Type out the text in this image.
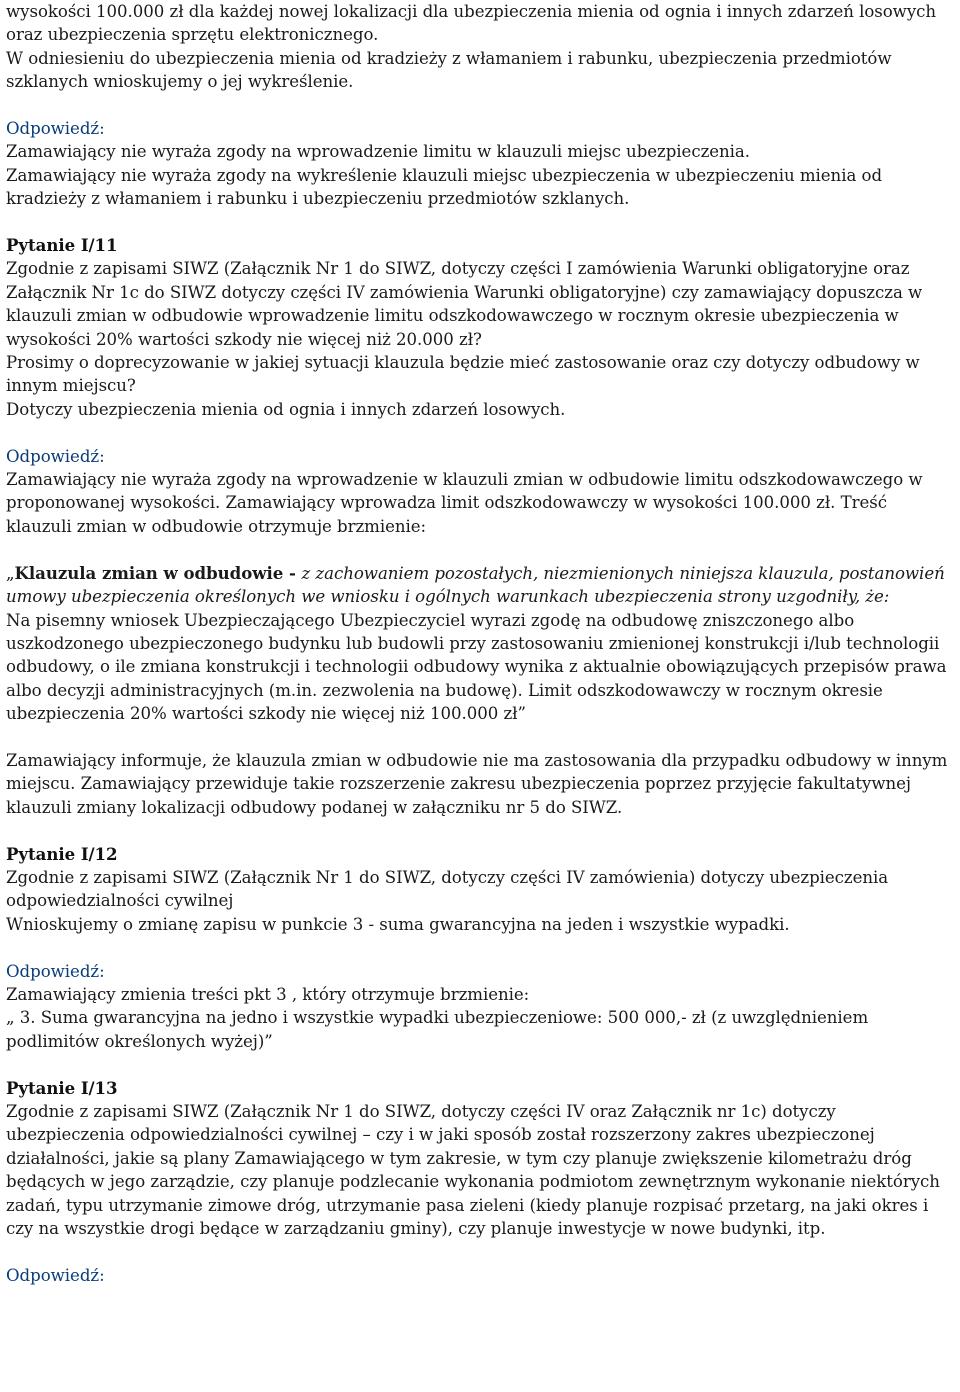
wysokości 100.000 zł dla każdej nowej lokalizacji dla ubezpieczenia mienia od ognia i innych zdarzeń losowych oraz ubezpieczenia sprzętu elektronicznego.

W odniesieniu do ubezpieczenia mienia od kradzieży z włamaniem i rabunku, ubezpieczenia przedmiotów szklanych wnioskujemy o jej wykreślenie.

Odpowiedź:

Zamawiający nie wyraża zgody na wprowadzenie limitu w klauzuli miejsc ubezpieczenia.

Zamawiający nie wyraża zgody na wykreślenie klauzuli miejsc ubezpieczenia w ubezpieczeniu mienia od kradzieży z włamaniem i rabunku i ubezpieczeniu przedmiotów szklanych.

Pytanie I/11

Zgodnie z zapisami SIWZ (Załącznik Nr 1 do SIWZ, dotyczy części I zamówienia Warunki obligatoryjne oraz Załącznik Nr 1c do SIWZ dotyczy części IV zamówienia Warunki obligatoryjne) czy zamawiający dopuszcza w klauzuli zmian w odbudowie wprowadzenie limitu odszkodowawczego w rocznym okresie ubezpieczenia w wysokości 20% wartości szkody nie więcej niż 20.000 zł?

Prosimy o doprecyzowanie w jakiej sytuacji klauzula będzie mieć zastosowanie oraz czy dotyczy odbudowy w innym miejscu?

Dotyczy ubezpieczenia mienia od ognia i innych zdarzeń losowych.

Odpowiedź:

Zamawiający nie wyraża zgody na wprowadzenie w klauzuli zmian w odbudowie limitu odszkodowawczego w proponowanej wysokości. Zamawiający wprowadza limit odszkodowawczy w wysokości 100.000 zł. Treść klauzuli zmian w odbudowie otrzymuje brzmienie:

„Klauzula zmian w odbudowie - z zachowaniem pozostałych, niezmienionych niniejsza klauzula, postanowień umowy ubezpieczenia określonych we wniosku i ogólnych warunkach ubezpieczenia strony uzgodniły, że:

Na pisemny wniosek Ubezpieczającego Ubezpieczyciel wyrazi zgodę na odbudowę zniszczonego albo uszkodzonego ubezpieczonego budynku lub budowli przy zastosowaniu zmienionej konstrukcji i/lub technologii odbudowy, o ile zmiana konstrukcji i technologii odbudowy wynika z aktualnie obowiązujących przepisów prawa albo decyzji administracyjnych (m.in. zezwolenia na budowę). Limit odszkodowawczy w rocznym okresie ubezpieczenia 20% wartości szkody nie więcej niż 100.000 zł”

Zamawiający informuje, że klauzula zmian w odbudowie nie ma zastosowania dla przypadku odbudowy w innym miejscu. Zamawiający przewiduje takie rozszerzenie zakresu ubezpieczenia poprzez przyjęcie fakultatywnej klauzuli zmiany lokalizacji odbudowy podanej w załączniku nr 5 do SIWZ.

Pytanie I/12

Zgodnie z zapisami SIWZ (Załącznik Nr 1 do SIWZ, dotyczy części IV zamówienia) dotyczy ubezpieczenia odpowiedzialności cywilnej

Wnioskujemy o zmianę zapisu w punkcie 3 - suma gwarancyjna na jeden i wszystkie wypadki.

Odpowiedź:

Zamawiający zmienia treści pkt 3 , który otrzymuje brzmienie:

„ 3. Suma gwarancyjna na jedno i wszystkie wypadki ubezpieczeniowe: 500 000,- zł (z uwzględnieniem podlimitów określonych wyżej)”

Pytanie I/13

Zgodnie z zapisami SIWZ (Załącznik Nr 1 do SIWZ, dotyczy części IV oraz Załącznik nr 1c) dotyczy ubezpieczenia odpowiedzialności cywilnej – czy i w jaki sposób został rozszerzony zakres ubezpieczonej działalności, jakie są plany Zamawiającego w tym zakresie, w tym czy planuje zwiększenie kilometrażu dróg będących w jego zarządzie, czy planuje podzlecanie wykonania podmiotom zewnętrznym wykonanie niektórych zadań, typu utrzymanie zimowe dróg, utrzymanie pasa zieleni (kiedy planuje rozpisać przetarg, na jaki okres i czy na wszystkie drogi będące w zarządzaniu gminy), czy planuje inwestycje w nowe budynki, itp.

Odpowiedź:
